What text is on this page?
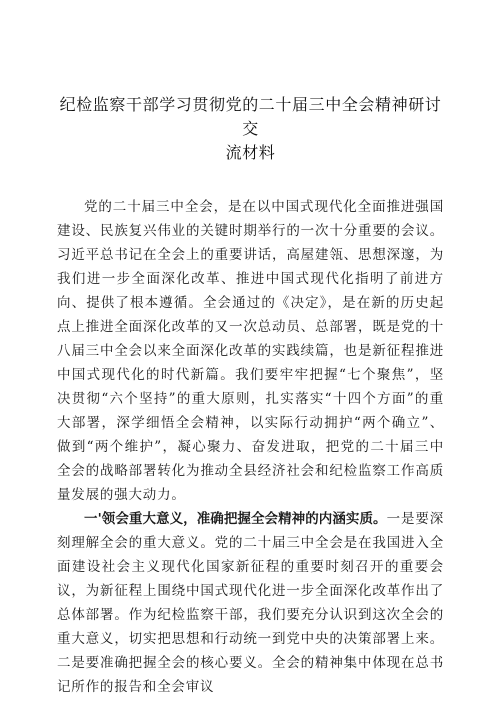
纪检监察干部学习贯彻党的二十届三中全会精神研讨交
流材料

党的二十届三中全会，是在以中国式现代化全面推进强国建设、民族复兴伟业的关键时期举行的一次十分重要的会议。习近平总书记在全会上的重要讲话，高屋建瓴、思想深邃，为我们进一步全面深化改革、推进中国式现代化指明了前进方向、提供了根本遵循。全会通过的《决定》，是在新的历史起点上推进全面深化改革的又一次总动员、总部署，既是党的十八届三中全会以来全面深化改革的实践续篇，也是新征程推进中国式现代化的时代新篇。我们要牢牢把握“七个聚焦”，坚决贯彻“六个坚持”的重大原则，扎实落实“十四个方面”的重大部署，深学细悟全会精神，以实际行动拥护“两个确立”、做到“两个维护”，凝心聚力、奋发进取，把党的二十届三中全会的战略部署转化为推动全县经济社会和纪检监察工作高质量发展的强大动力。

一'领会重大意义，准确把握全会精神的内涵实质。一是要深刻理解全会的重大意义。党的二十届三中全会是在我国进入全面建设社会主义现代化国家新征程的重要时刻召开的重要会议，为新征程上围绕中国式现代化进一步全面深化改革作出了总体部署。作为纪检监察干部，我们要充分认识到这次全会的重大意义，切实把思想和行动统一到党中央的决策部署上来。二是要准确把握全会的核心要义。全会的精神集中体现在总书记所作的报告和全会审议
